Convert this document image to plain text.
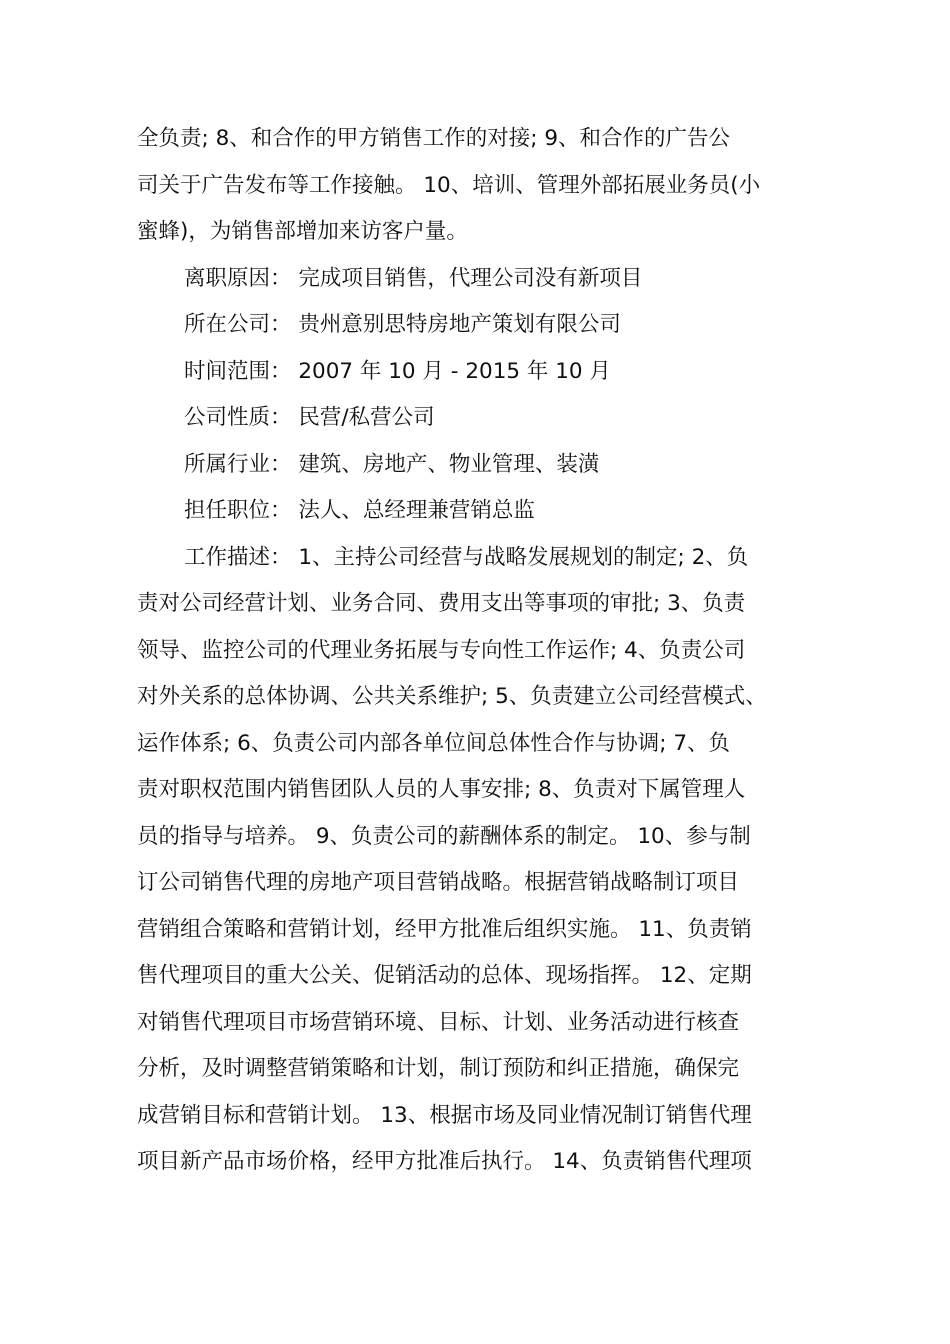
全负责; 8、和合作的甲方销售工作的对接; 9、和合作的广告公
司关于广告发布等工作接触。 10、培训、管理外部拓展业务员(小
蜜蜂)，为销售部增加来访客户量。
离职原因： 完成项目销售，代理公司没有新项目
所在公司： 贵州意别思特房地产策划有限公司
时间范围： 2007 年 10 月 - 2015 年 10 月
公司性质： 民营/私营公司
所属行业： 建筑、房地产、物业管理、装潢
担任职位： 法人、总经理兼营销总监
工作描述： 1、主持公司经营与战略发展规划的制定; 2、负
责对公司经营计划、业务合同、费用支出等事项的审批; 3、负责
领导、监控公司的代理业务拓展与专向性工作运作; 4、负责公司
对外关系的总体协调、公共关系维护; 5、负责建立公司经营模式、
运作体系; 6、负责公司内部各单位间总体性合作与协调; 7、负
责对职权范围内销售团队人员的人事安排; 8、负责对下属管理人
员的指导与培养。 9、负责公司的薪酬体系的制定。 10、参与制
订公司销售代理的房地产项目营销战略。根据营销战略制订项目
营销组合策略和营销计划，经甲方批准后组织实施。 11、负责销
售代理项目的重大公关、促销活动的总体、现场指挥。 12、定期
对销售代理项目市场营销环境、目标、计划、业务活动进行核查
分析，及时调整营销策略和计划，制订预防和纠正措施，确保完
成营销目标和营销计划。 13、根据市场及同业情况制订销售代理
项目新产品市场价格，经甲方批准后执行。 14、负责销售代理项
